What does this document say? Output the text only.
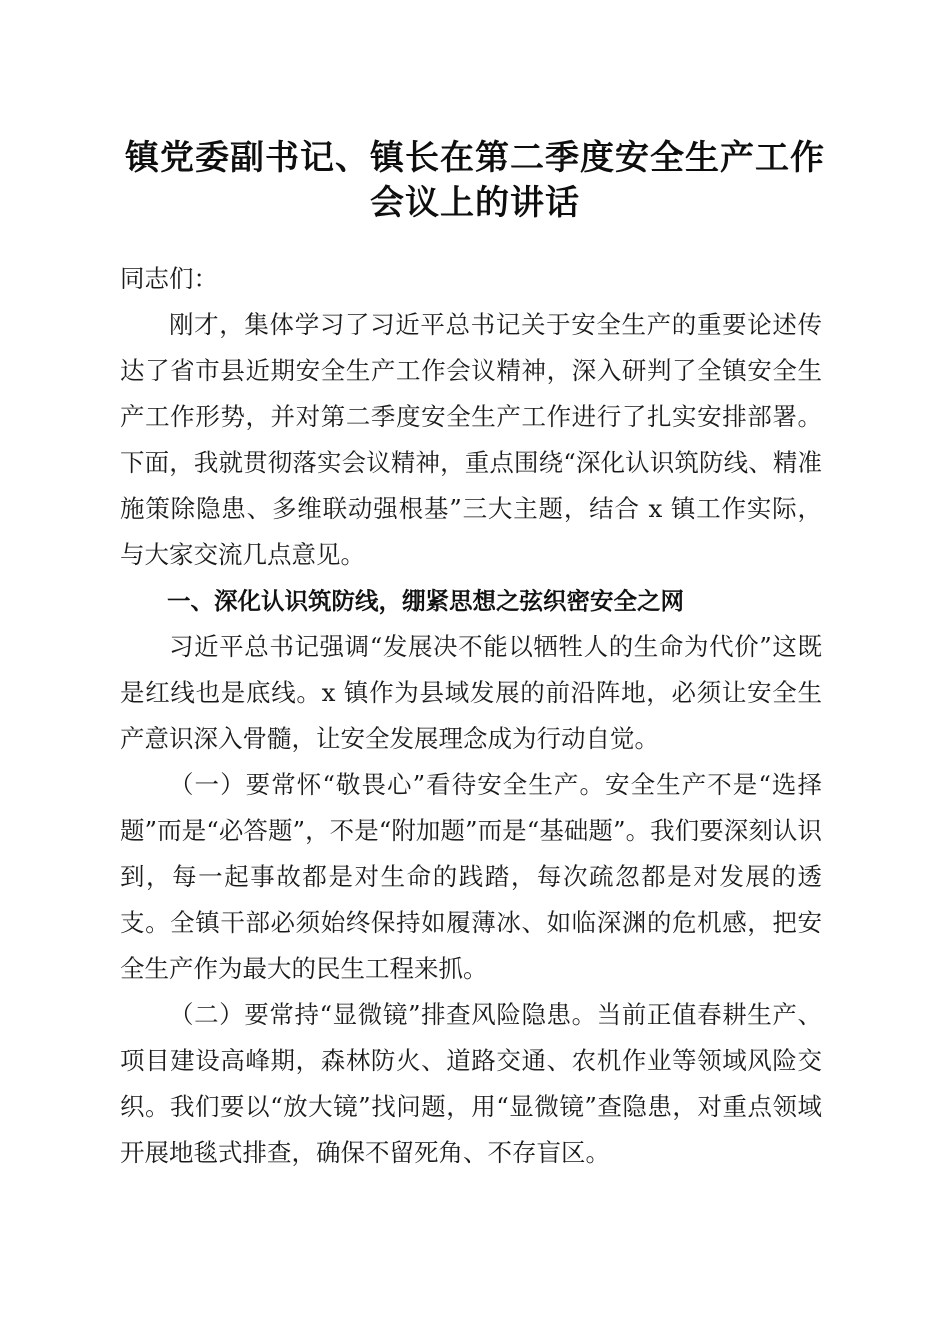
镇党委副书记、镇长在第二季度安全生产工作
会议上的讲话

同志们：

刚才，集体学习了习近平总书记关于安全生产的重要论述传达了省市县近期安全生产工作会议精神，深入研判了全镇安全生产工作形势，并对第二季度安全生产工作进行了扎实安排部署。下面，我就贯彻落实会议精神，重点围绕“深化认识筑防线、精准施策除隐患、多维联动强根基”三大主题，结合 x 镇工作实际，与大家交流几点意见。

一、深化认识筑防线，绷紧思想之弦织密安全之网

习近平总书记强调“发展决不能以牺牲人的生命为代价”这既是红线也是底线。x 镇作为县域发展的前沿阵地，必须让安全生产意识深入骨髓，让安全发展理念成为行动自觉。

（一）要常怀“敬畏心”看待安全生产。安全生产不是“选择题”而是“必答题”，不是“附加题”而是“基础题”。我们要深刻认识到，每一起事故都是对生命的践踏，每次疏忽都是对发展的透支。全镇干部必须始终保持如履薄冰、如临深渊的危机感，把安全生产作为最大的民生工程来抓。

（二）要常持“显微镜”排查风险隐患。当前正值春耕生产、项目建设高峰期，森林防火、道路交通、农机作业等领域风险交织。我们要以“放大镜”找问题，用“显微镜”查隐患，对重点领域开展地毯式排查，确保不留死角、不存盲区。
